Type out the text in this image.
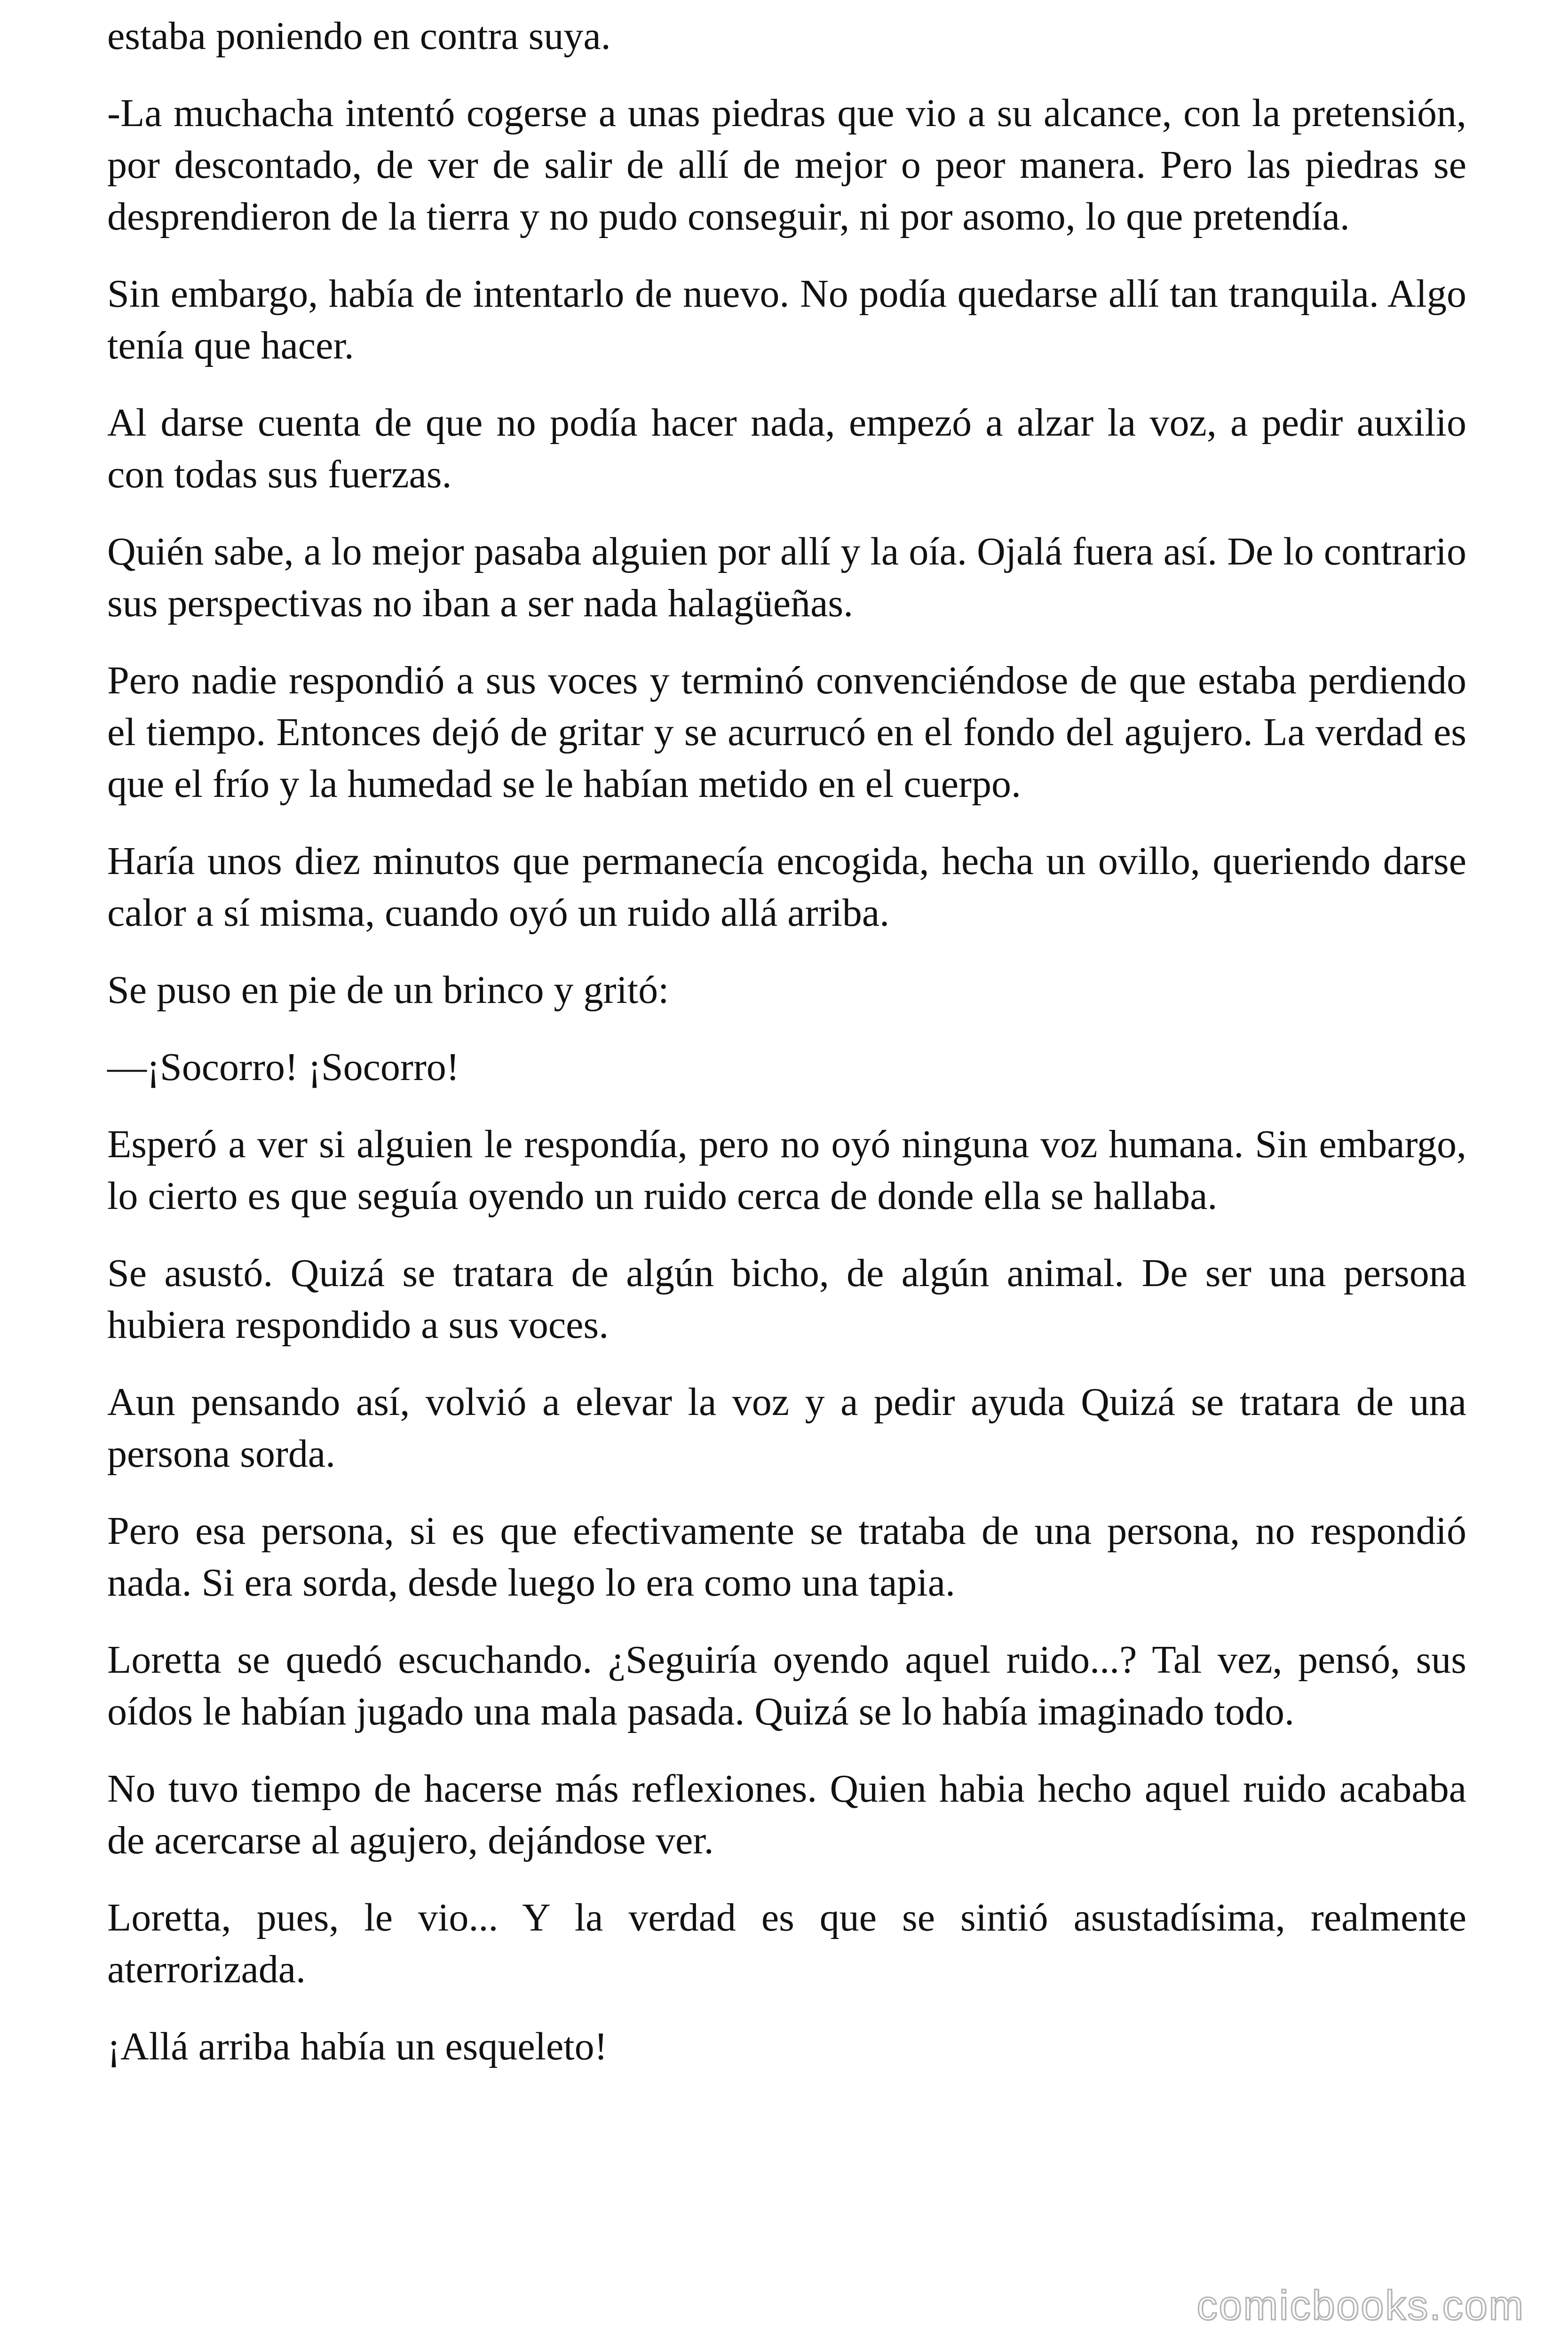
estaba poniendo en contra suya.

-La muchacha intentó cogerse a unas piedras que vio a su alcance, con la pretensión, por descontado, de ver de salir de allí de mejor o peor manera. Pero las piedras se desprendieron de la tierra y no pudo conseguir, ni por asomo, lo que pretendía.

Sin embargo, había de intentarlo de nuevo. No podía quedarse allí tan tranquila. Algo tenía que hacer.

Al darse cuenta de que no podía hacer nada, empezó a alzar la voz, a pedir auxilio con todas sus fuerzas.

Quién sabe, a lo mejor pasaba alguien por allí y la oía. Ojalá fuera así. De lo contrario sus perspectivas no iban a ser nada halagüeñas.

Pero nadie respondió a sus voces y terminó convenciéndose de que estaba perdiendo el tiempo. Entonces dejó de gritar y se acurrucó en el fondo del agujero. La verdad es que el frío y la humedad se le habían metido en el cuerpo.

Haría unos diez minutos que permanecía encogida, hecha un ovillo, queriendo darse calor a sí misma, cuando oyó un ruido allá arriba.

Se puso en pie de un brinco y gritó:

—¡Socorro! ¡Socorro!

Esperó a ver si alguien le respondía, pero no oyó ninguna voz humana. Sin embargo, lo cierto es que seguía oyendo un ruido cerca de donde ella se hallaba.

Se asustó. Quizá se tratara de algún bicho, de algún animal. De ser una persona hubiera respondido a sus voces.

Aun pensando así, volvió a elevar la voz y a pedir ayuda Quizá se tratara de una persona sorda.

Pero esa persona, si es que efectivamente se trataba de una persona, no respondió nada. Si era sorda, desde luego lo era como una tapia.

Loretta se quedó escuchando. ¿Seguiría oyendo aquel ruido...? Tal vez, pensó, sus oídos le habían jugado una mala pasada. Quizá se lo había imaginado todo.

No tuvo tiempo de hacerse más reflexiones. Quien habia hecho aquel ruido acababa de acercarse al agujero, dejándose ver.

Loretta, pues, le vio... Y la verdad es que se sintió asustadísima, realmente aterrorizada.

¡Allá arriba había un esqueleto!

comicbooks.com
